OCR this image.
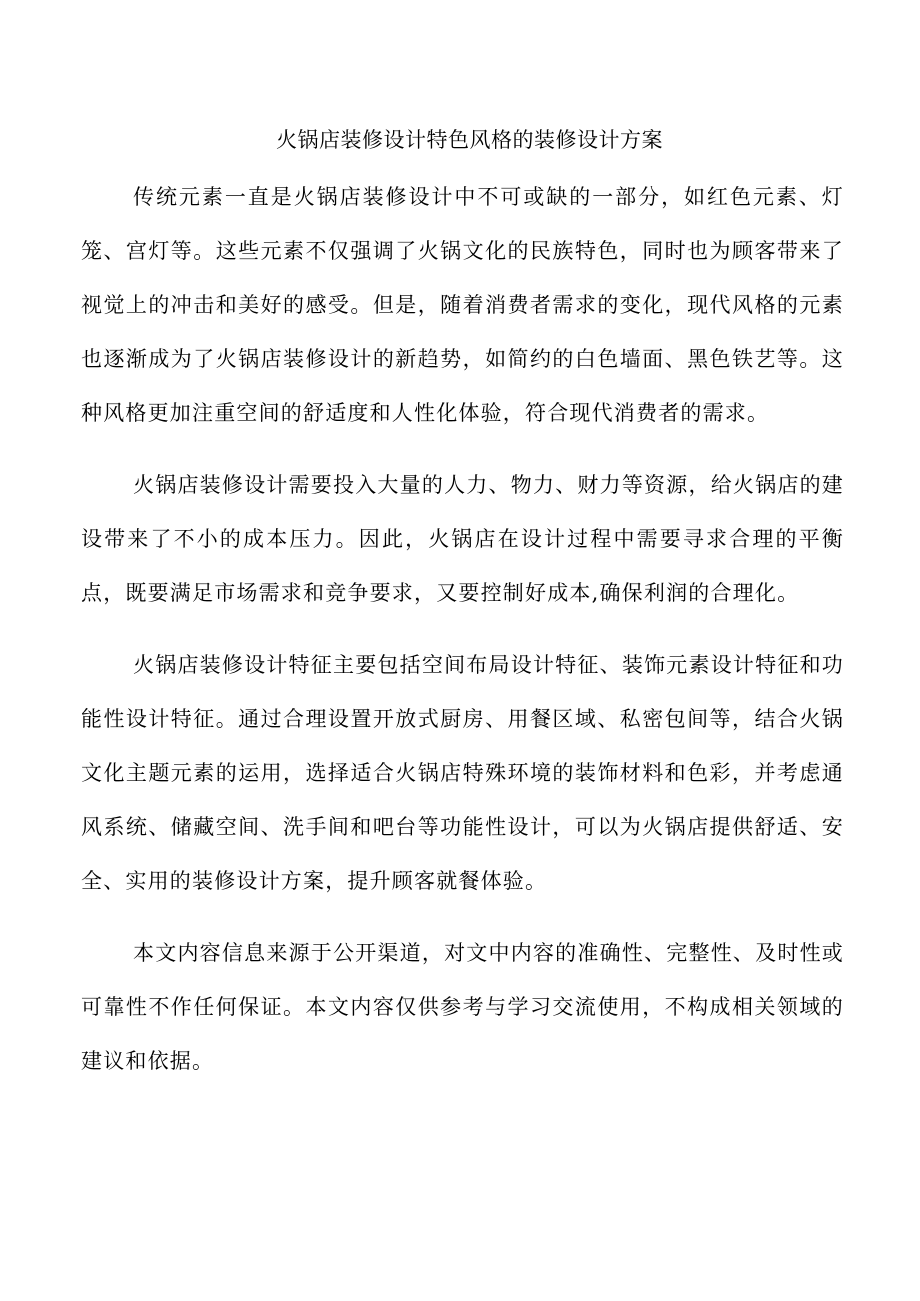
火锅店装修设计特色风格的装修设计方案

传统元素一直是火锅店装修设计中不可或缺的一部分，如红色元素、灯笼、宫灯等。这些元素不仅强调了火锅文化的民族特色，同时也为顾客带来了视觉上的冲击和美好的感受。但是，随着消费者需求的变化，现代风格的元素也逐渐成为了火锅店装修设计的新趋势，如简约的白色墙面、黑色铁艺等。这种风格更加注重空间的舒适度和人性化体验，符合现代消费者的需求。

火锅店装修设计需要投入大量的人力、物力、财力等资源，给火锅店的建设带来了不小的成本压力。因此，火锅店在设计过程中需要寻求合理的平衡点，既要满足市场需求和竞争要求，又要控制好成本,确保利润的合理化。

火锅店装修设计特征主要包括空间布局设计特征、装饰元素设计特征和功能性设计特征。通过合理设置开放式厨房、用餐区域、私密包间等，结合火锅文化主题元素的运用，选择适合火锅店特殊环境的装饰材料和色彩，并考虑通风系统、储藏空间、洗手间和吧台等功能性设计，可以为火锅店提供舒适、安全、实用的装修设计方案，提升顾客就餐体验。

本文内容信息来源于公开渠道，对文中内容的准确性、完整性、及时性或可靠性不作任何保证。本文内容仅供参考与学习交流使用，不构成相关领域的建议和依据。
